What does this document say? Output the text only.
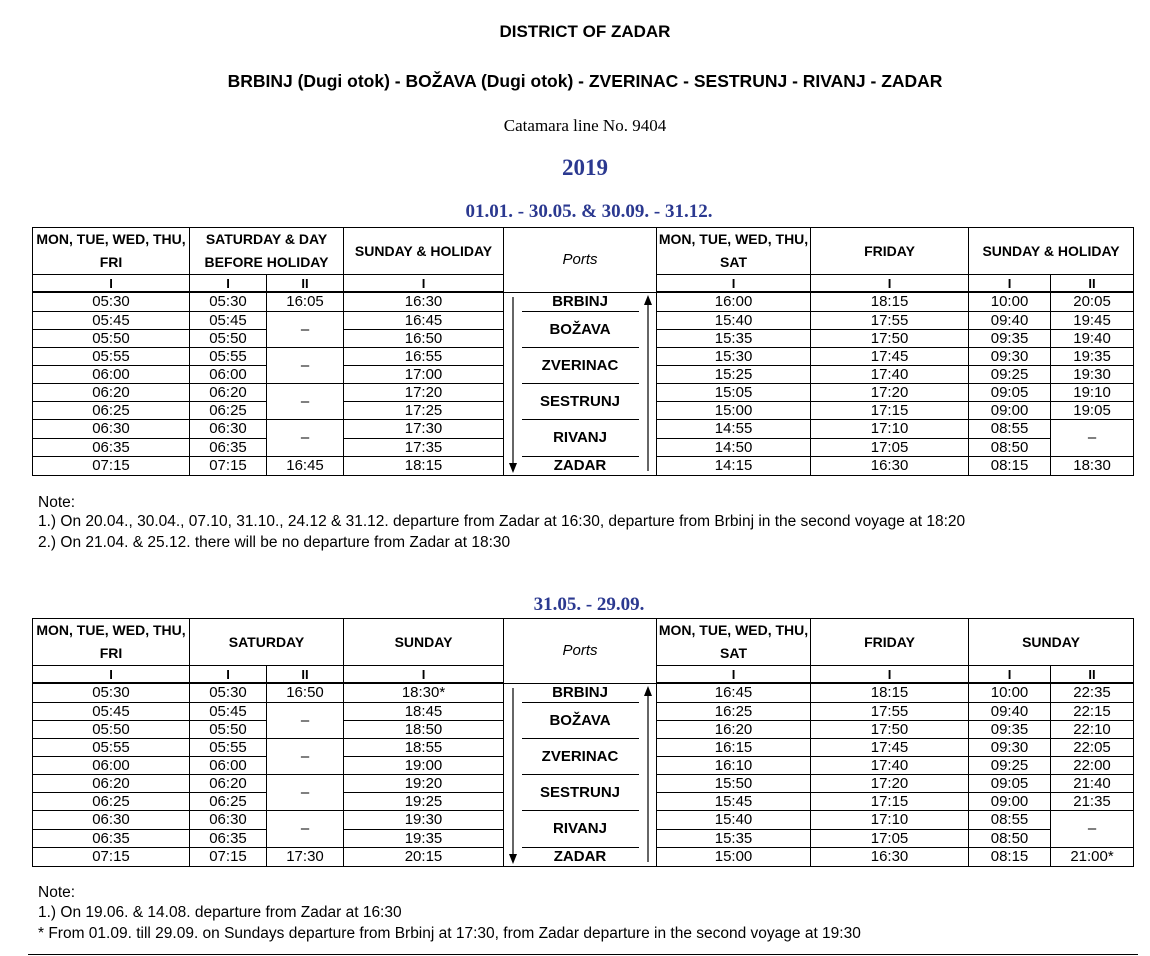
DISTRICT OF ZADAR
BRBINJ (Dugi otok) - BOŽAVA (Dugi otok) - ZVERINAC - SESTRUNJ - RIVANJ - ZADAR
Catamara line No. 9404
2019
01.01. - 30.05. & 30.09. - 31.12.
MON, TUE, WED, THU, FRI	SATURDAY & DAY BEFORE HOLIDAY		SUNDAY & HOLIDAY	Ports			MON, TUE, WED, THU, SAT	FRIDAY	SUNDAY & HOLIDAY	
I	I	II	I				I	I	I	II
05:30	05:30	16:05	16:30		BRBINJ		16:00	18:15	10:00	20:05
05:45	05:45	–	16:45		BOŽAVA		15:40	17:55	09:40	19:45
05:50	05:50		16:50				15:35	17:50	09:35	19:40
05:55	05:55	–	16:55		ZVERINAC		15:30	17:45	09:30	19:35
06:00	06:00		17:00				15:25	17:40	09:25	19:30
06:20	06:20	–	17:20		SESTRUNJ		15:05	17:20	09:05	19:10
06:25	06:25		17:25				15:00	17:15	09:00	19:05
06:30	06:30	–	17:30		RIVANJ		14:55	17:10	08:55	–
06:35	06:35		17:35				14:50	17:05	08:50	
07:15	07:15	16:45	18:15		ZADAR		14:15	16:30	08:15	18:30
Note:
1.) On 20.04., 30.04., 07.10, 31.10., 24.12 & 31.12. departure from Zadar at 16:30, departure from Brbinj in the second voyage at 18:20
2.) On 21.04. & 25.12. there will be no departure from Zadar at 18:30
31.05. - 29.09.
MON, TUE, WED, THU, FRI	SATURDAY		SUNDAY	Ports			MON, TUE, WED, THU, SAT	FRIDAY	SUNDAY	
I	I	II	I				I	I	I	II
05:30	05:30	16:50	18:30*		BRBINJ		16:45	18:15	10:00	22:35
05:45	05:45	–	18:45		BOŽAVA		16:25	17:55	09:40	22:15
05:50	05:50		18:50				16:20	17:50	09:35	22:10
05:55	05:55	–	18:55		ZVERINAC		16:15	17:45	09:30	22:05
06:00	06:00		19:00				16:10	17:40	09:25	22:00
06:20	06:20	–	19:20		SESTRUNJ		15:50	17:20	09:05	21:40
06:25	06:25		19:25				15:45	17:15	09:00	21:35
06:30	06:30	–	19:30		RIVANJ		15:40	17:10	08:55	–
06:35	06:35		19:35				15:35	17:05	08:50	
07:15	07:15	17:30	20:15		ZADAR		15:00	16:30	08:15	21:00*
Note:
1.) On 19.06. & 14.08. departure from Zadar at 16:30
* From 01.09. till 29.09. on Sundays departure from Brbinj at 17:30, from Zadar departure in the second voyage at 19:30
